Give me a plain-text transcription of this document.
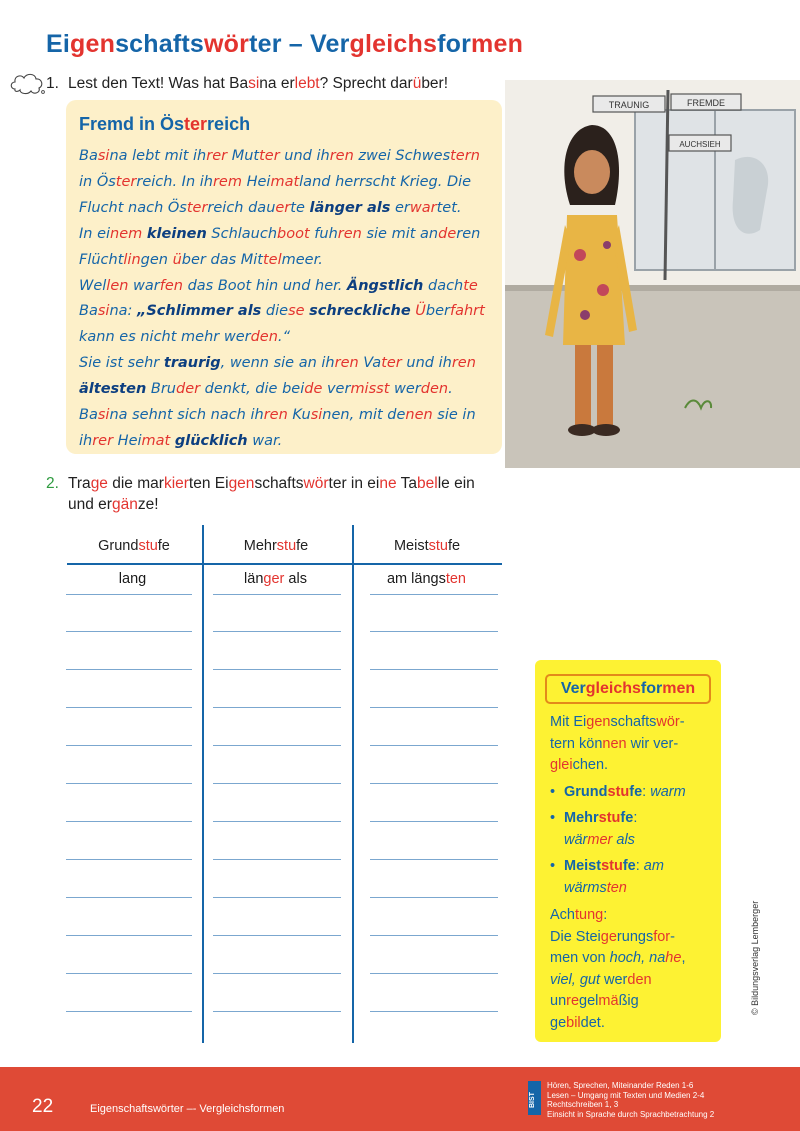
Eigenschaftswörter – Vergleichsformen
1. Lest den Text! Was hat Basina erlebt? Sprecht darüber!
Fremd in Österreich
Basina lebt mit ihrer Mutter und ihren zwei Schwestern
in Österreich. In ihrem Heimatland herrscht Krieg. Die
Flucht nach Österreich dauerte länger als erwartet.
In einem kleinen Schlauchboot fuhren sie mit anderen
Flüchtlingen über das Mittelmeer.
Wellen warfen das Boot hin und her. Ängstlich dachte
Basina: „Schlimmer als diese schreckliche Überfahrt
kann es nicht mehr werden.“
Sie ist sehr traurig, wenn sie an ihren Vater und ihren
ältesten Bruder denkt, die beide vermisst werden.
Basina sehnt sich nach ihren Kusinen, mit denen sie in
ihrer Heimat glücklich war.
TRAUNIG	FREMDE
AUCHSIEH
2. Trage die markierten Eigenschaftswörter in eine Tabelle ein
und ergänze!
Grundstufe	Mehrstufe	Meiststufe
lang	länger als	am längsten
Vergleichsformen
Mit Eigenschaftswör-
tern können wir ver-
gleichen.
• Grundstufe: warm
• Mehrstufe:
wärmer als
• Meiststufe: am
wärmsten
Achtung:
Die Steigerungsfor-
men von hoch, nahe,
viel, gut werden
unregelmäßig
gebildet.
© Bildungsverlag Lemberger
22	Eigenschaftswörter –- Vergleichsformen
BIST
Hören, Sprechen, Miteinander Reden 1-6
Lesen – Umgang mit Texten und Medien 2-4
Rechtschreiben 1, 3
Einsicht in Sprache durch Sprachbetrachtung 2
